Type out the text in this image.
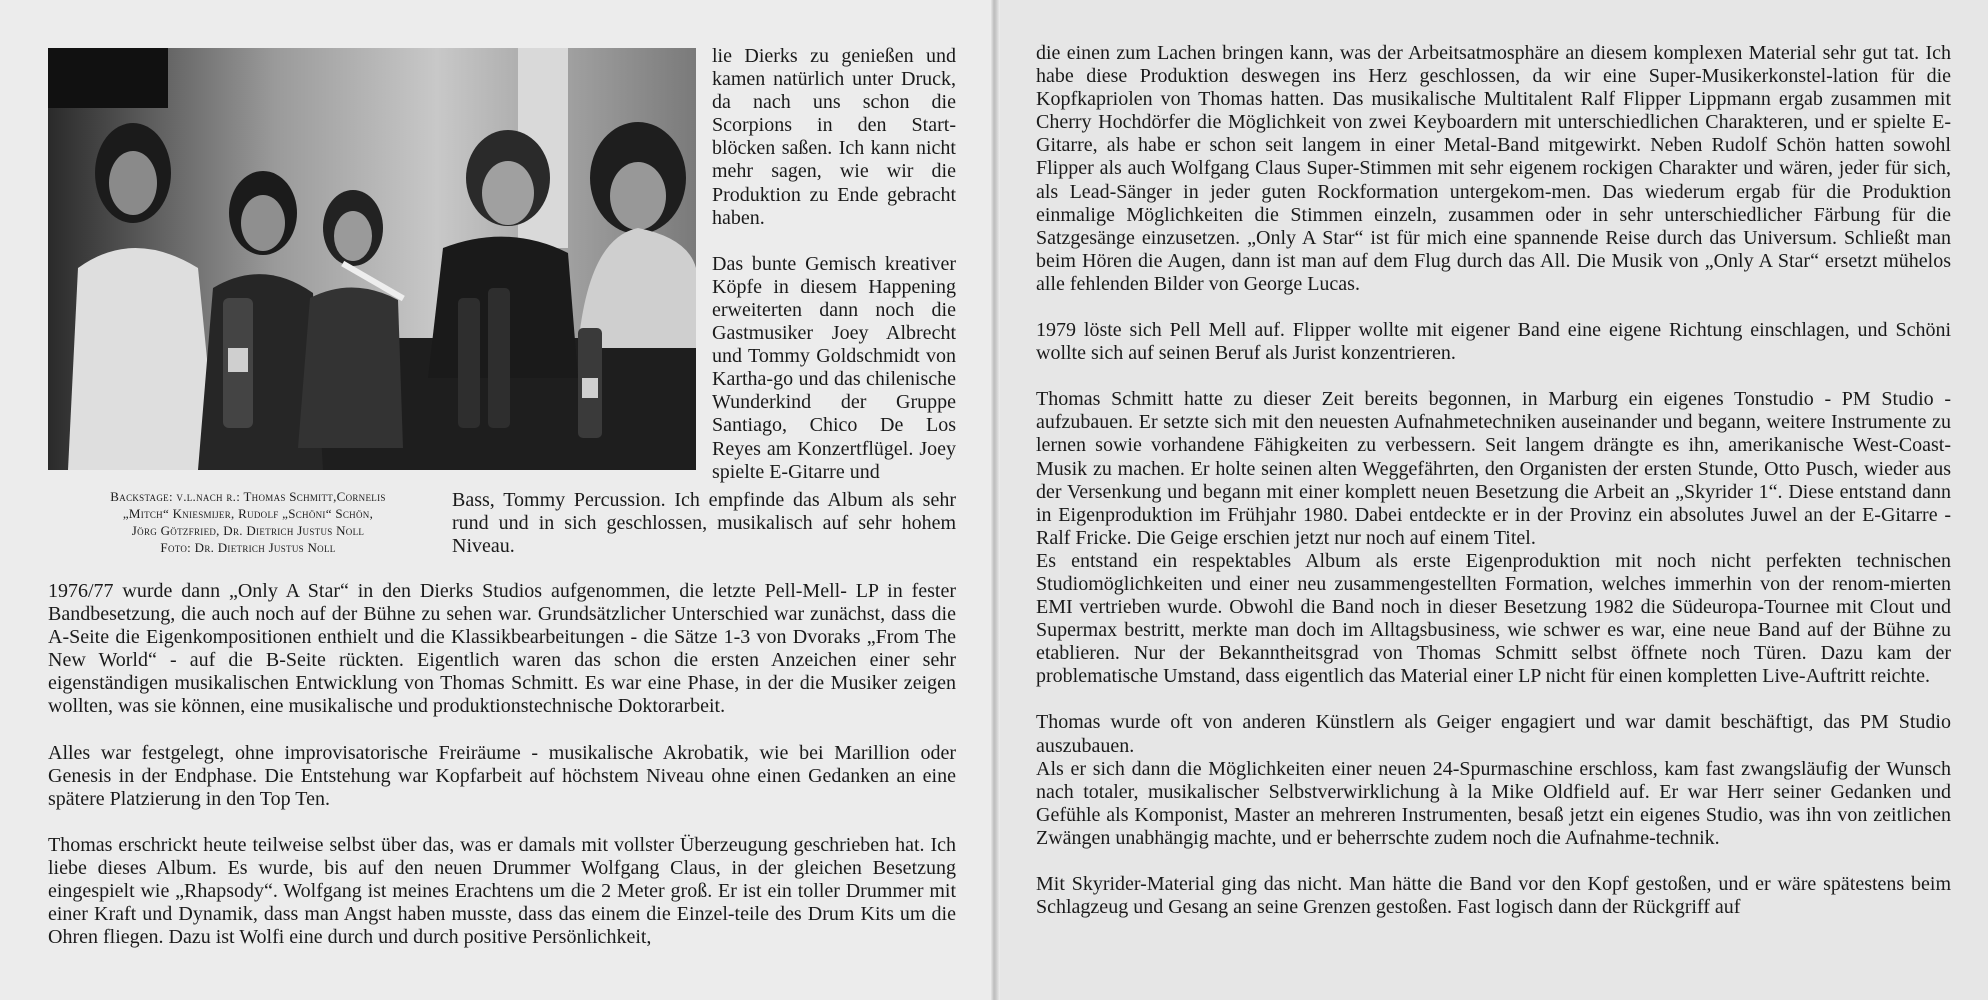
Backstage: v.l.nach r.: Thomas Schmitt,Cornelis
„Mitch“ Kniesmijer, Rudolf „Schöni“ Schön,
Jörg Götzfried, Dr. Dietrich Justus Noll
Foto: Dr. Dietrich Justus Noll

lie Dierks zu genießen und kamen natürlich unter Druck, da nach uns schon die Scorpions in den Start-blöcken saßen. Ich kann nicht mehr sagen, wie wir die Produktion zu Ende gebracht haben.

Das bunte Gemisch kreativer Köpfe in diesem Happening erweiterten dann noch die Gastmusiker Joey Albrecht und Tommy Goldschmidt von Kartha-go und das chilenische Wunderkind der Gruppe Santiago, Chico De Los Reyes am Konzertflügel. Joey spielte E-Gitarre und

Bass, Tommy Percussion. Ich empfinde das Album als sehr rund und in sich geschlossen, musikalisch auf sehr hohem Niveau.

1976/77 wurde dann „Only A Star“ in den Dierks Studios aufgenommen, die letzte Pell-Mell- LP in fester Bandbesetzung, die auch noch auf der Bühne zu sehen war. Grundsätzlicher Unterschied war zunächst, dass die A-Seite die Eigenkompositionen enthielt und die Klassikbearbeitungen - die Sätze 1-3 von Dvoraks „From The New World“ - auf die B-Seite rückten. Eigentlich waren das schon die ersten Anzeichen einer sehr eigenständigen musikalischen Entwicklung von Thomas Schmitt. Es war eine Phase, in der die Musiker zeigen wollten, was sie können, eine musikalische und produktionstechnische Doktorarbeit.

Alles war festgelegt, ohne improvisatorische Freiräume - musikalische Akrobatik, wie bei Marillion oder Genesis in der Endphase. Die Entstehung war Kopfarbeit auf höchstem Niveau ohne einen Gedanken an eine spätere Platzierung in den Top Ten.

Thomas erschrickt heute teilweise selbst über das, was er damals mit vollster Überzeugung geschrieben hat. Ich liebe dieses Album. Es wurde, bis auf den neuen Drummer Wolfgang Claus, in der gleichen Besetzung eingespielt wie „Rhapsody“. Wolfgang ist meines Erachtens um die 2 Meter groß. Er ist ein toller Drummer mit einer Kraft und Dynamik, dass man Angst haben musste, dass das einem die Einzel-teile des Drum Kits um die Ohren fliegen. Dazu ist Wolfi eine durch und durch positive Persönlichkeit,

die einen zum Lachen bringen kann, was der Arbeitsatmosphäre an diesem komplexen Material sehr gut tat. Ich habe diese Produktion deswegen ins Herz geschlossen, da wir eine Super-Musikerkonstel-lation für die Kopfkapriolen von Thomas hatten. Das musikalische Multitalent Ralf Flipper Lippmann ergab zusammen mit Cherry Hochdörfer die Möglichkeit von zwei Keyboardern mit unterschiedlichen Charakteren, und er spielte E-Gitarre, als habe er schon seit langem in einer Metal-Band mitgewirkt. Neben Rudolf Schön hatten sowohl Flipper als auch Wolfgang Claus Super-Stimmen mit sehr eigenem rockigen Charakter und wären, jeder für sich, als Lead-Sänger in jeder guten Rockformation untergekom-men. Das wiederum ergab für die Produktion einmalige Möglichkeiten die Stimmen einzeln, zusammen oder in sehr unterschiedlicher Färbung für die Satzgesänge einzusetzen. „Only A Star“ ist für mich eine spannende Reise durch das Universum. Schließt man beim Hören die Augen, dann ist man auf dem Flug durch das All. Die Musik von „Only A Star“ ersetzt mühelos alle fehlenden Bilder von George Lucas.

1979 löste sich Pell Mell auf. Flipper wollte mit eigener Band eine eigene Richtung einschlagen, und Schöni wollte sich auf seinen Beruf als Jurist konzentrieren.

Thomas Schmitt hatte zu dieser Zeit bereits begonnen, in Marburg ein eigenes Tonstudio - PM Studio - aufzubauen. Er setzte sich mit den neuesten Aufnahmetechniken auseinander und begann, weitere Instrumente zu lernen sowie vorhandene Fähigkeiten zu verbessern. Seit langem drängte es ihn, amerikanische West-Coast-Musik zu machen. Er holte seinen alten Weggefährten, den Organisten der ersten Stunde, Otto Pusch, wieder aus der Versenkung und begann mit einer komplett neuen Besetzung die Arbeit an „Skyrider 1“. Diese entstand dann in Eigenproduktion im Frühjahr 1980. Dabei entdeckte er in der Provinz ein absolutes Juwel an der E-Gitarre - Ralf Fricke. Die Geige erschien jetzt nur noch auf einem Titel.

Es entstand ein respektables Album als erste Eigenproduktion mit noch nicht perfekten technischen Studiomöglichkeiten und einer neu zusammengestellten Formation, welches immerhin von der renom-mierten EMI vertrieben wurde. Obwohl die Band noch in dieser Besetzung 1982 die Südeuropa-Tournee mit Clout und Supermax bestritt, merkte man doch im Alltagsbusiness, wie schwer es war, eine neue Band auf der Bühne zu etablieren. Nur der Bekanntheitsgrad von Thomas Schmitt selbst öffnete noch Türen. Dazu kam der problematische Umstand, dass eigentlich das Material einer LP nicht für einen kompletten Live-Auftritt reichte.

Thomas wurde oft von anderen Künstlern als Geiger engagiert und war damit beschäftigt, das PM Studio auszubauen.

Als er sich dann die Möglichkeiten einer neuen 24-Spurmaschine erschloss, kam fast zwangsläufig der Wunsch nach totaler, musikalischer Selbstverwirklichung à la Mike Oldfield auf. Er war Herr seiner Gedanken und Gefühle als Komponist, Master an mehreren Instrumenten, besaß jetzt ein eigenes Studio, was ihn von zeitlichen Zwängen unabhängig machte, und er beherrschte zudem noch die Aufnahme-technik.

Mit Skyrider-Material ging das nicht. Man hätte die Band vor den Kopf gestoßen, und er wäre spätestens beim Schlagzeug und Gesang an seine Grenzen gestoßen. Fast logisch dann der Rückgriff auf
